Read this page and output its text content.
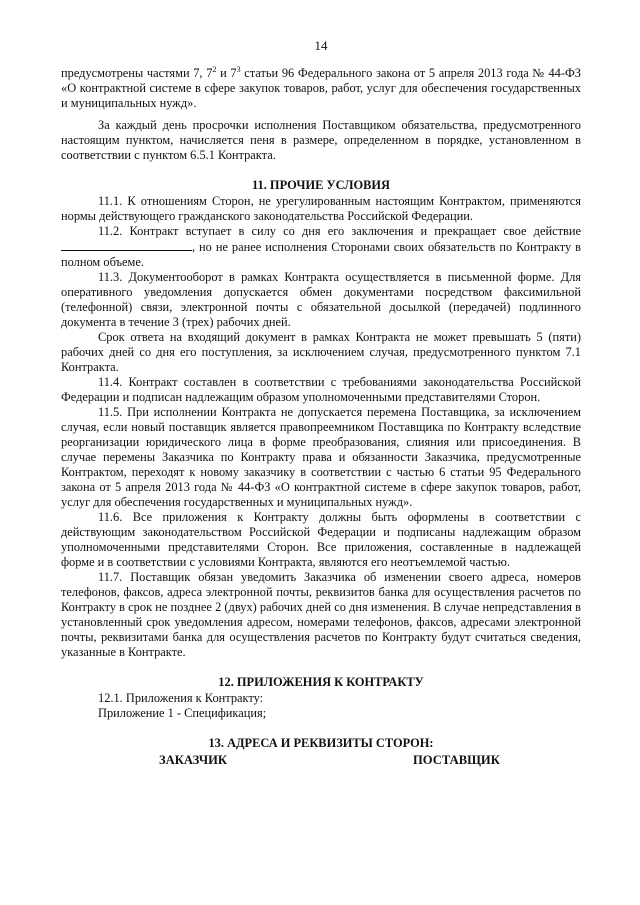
14

предусмотрены частями 7, $7^2$ и $7^3$ статьи 96 Федерального закона от 5 апреля 2013 года № 44-ФЗ «О контрактной системе в сфере закупок товаров, работ, услуг для обеспечения государственных и муниципальных нужд».

За каждый день просрочки исполнения Поставщиком обязательства, предусмотренного настоящим пунктом, начисляется пеня в размере, определенном в порядке, установленном в соответствии с пунктом 6.5.1 Контракта.

11. ПРОЧИЕ УСЛОВИЯ

11.1. К отношениям Сторон, не урегулированным настоящим Контрактом, применяются нормы действующего гражданского законодательства Российской Федерации.

11.2. Контракт вступает в силу со дня его заключения и прекращает свое действие , но не ранее исполнения Сторонами своих обязательств по Контракту в полном объеме.

11.3. Документооборот в рамках Контракта осуществляется в письменной форме. Для оперативного уведомления допускается обмен документами посредством факсимильной (телефонной) связи, электронной почты с обязательной досылкой (передачей) подлинного документа в течение 3 (трех) рабочих дней.

Срок ответа на входящий документ в рамках Контракта не может превышать 5 (пяти) рабочих дней со дня его поступления, за исключением случая, предусмотренного пунктом 7.1 Контракта.

11.4. Контракт составлен в соответствии с требованиями законодательства Российской Федерации и подписан надлежащим образом уполномоченными представителями Сторон.

11.5. При исполнении Контракта не допускается перемена Поставщика, за исключением случая, если новый поставщик является правопреемником Поставщика по Контракту вследствие реорганизации юридического лица в форме преобразования, слияния или присоединения. В случае перемены Заказчика по Контракту права и обязанности Заказчика, предусмотренные Контрактом, переходят к новому заказчику в соответствии с частью 6 статьи 95 Федерального закона от 5 апреля 2013 года № 44-ФЗ «О контрактной системе в сфере закупок товаров, работ, услуг для обеспечения государственных и муниципальных нужд».

11.6. Все приложения к Контракту должны быть оформлены в соответствии с действующим законодательством Российской Федерации и подписаны надлежащим образом уполномоченными представителями Сторон. Все приложения, составленные в надлежащей форме и в соответствии с условиями Контракта, являются его неотъемлемой частью.

11.7. Поставщик обязан уведомить Заказчика об изменении своего адреса, номеров телефонов, факсов, адреса электронной почты, реквизитов банка для осуществления расчетов по Контракту в срок не позднее 2 (двух) рабочих дней со дня изменения. В случае непредставления в установленный срок уведомления адресом, номерами телефонов, факсов, адресами электронной почты, реквизитами банка для осуществления расчетов по Контракту будут считаться сведения, указанные в Контракте.

12. ПРИЛОЖЕНИЯ К КОНТРАКТУ

12.1. Приложения к Контракту:

Приложение 1 - Спецификация;

13. АДРЕСА И РЕКВИЗИТЫ СТОРОН:

ЗАКАЗЧИК	ПОСТАВЩИК
